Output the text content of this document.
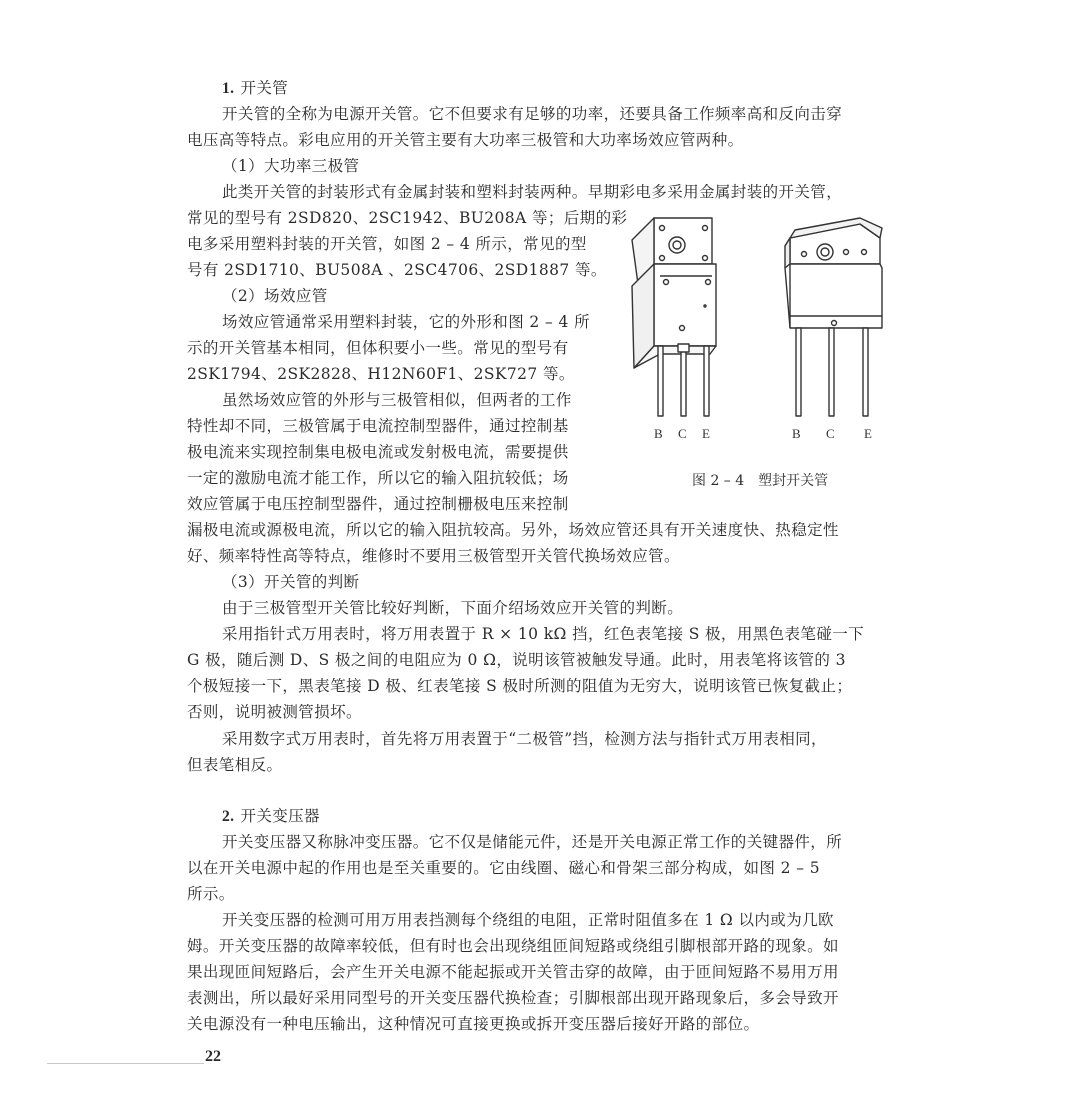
1. 开关管
开关管的全称为电源开关管。它不但要求有足够的功率，还要具备工作频率高和反向击穿
电压高等特点。彩电应用的开关管主要有大功率三极管和大功率场效应管两种。
（1）大功率三极管
此类开关管的封装形式有金属封装和塑料封装两种。早期彩电多采用金属封装的开关管，
常见的型号有 2SD820、2SC1942、BU208A 等；后期的彩
电多采用塑料封装的开关管，如图 2 – 4 所示，常见的型
号有 2SD1710、BU508A 、2SC4706、2SD1887 等。
（2）场效应管
场效应管通常采用塑料封装，它的外形和图 2 – 4 所
示的开关管基本相同，但体积要小一些。常见的型号有
2SK1794、2SK2828、H12N60F1、2SK727 等。
虽然场效应管的外形与三极管相似，但两者的工作
特性却不同，三极管属于电流控制型器件，通过控制基
极电流来实现控制集电极电流或发射极电流，需要提供
一定的激励电流才能工作，所以它的输入阻抗较低；场
效应管属于电压控制型器件，通过控制栅极电压来控制
漏极电流或源极电流，所以它的输入阻抗较高。另外，场效应管还具有开关速度快、热稳定性
好、频率特性高等特点，维修时不要用三极管型开关管代换场效应管。
（3）开关管的判断
由于三极管型开关管比较好判断，下面介绍场效应开关管的判断。
采用指针式万用表时，将万用表置于 R × 10 kΩ 挡，红色表笔接 S 极，用黑色表笔碰一下
G 极，随后测 D、S 极之间的电阻应为 0 Ω，说明该管被触发导通。此时，用表笔将该管的 3
个极短接一下，黑表笔接 D 极、红表笔接 S 极时所测的阻值为无穷大，说明该管已恢复截止；
否则，说明被测管损坏。
采用数字式万用表时，首先将万用表置于“二极管”挡，检测方法与指针式万用表相同，
但表笔相反。
B C E	B C E
图 2 – 4　塑封开关管
2. 开关变压器
开关变压器又称脉冲变压器。它不仅是储能元件，还是开关电源正常工作的关键器件，所
以在开关电源中起的作用也是至关重要的。它由线圈、磁心和骨架三部分构成，如图 2 – 5
所示。
开关变压器的检测可用万用表挡测每个绕组的电阻，正常时阻值多在 1 Ω 以内或为几欧
姆。开关变压器的故障率较低，但有时也会出现绕组匝间短路或绕组引脚根部开路的现象。如
果出现匝间短路后，会产生开关电源不能起振或开关管击穿的故障，由于匝间短路不易用万用
表测出，所以最好采用同型号的开关变压器代换检查；引脚根部出现开路现象后，多会导致开
关电源没有一种电压输出，这种情况可直接更换或拆开变压器后接好开路的部位。
22
